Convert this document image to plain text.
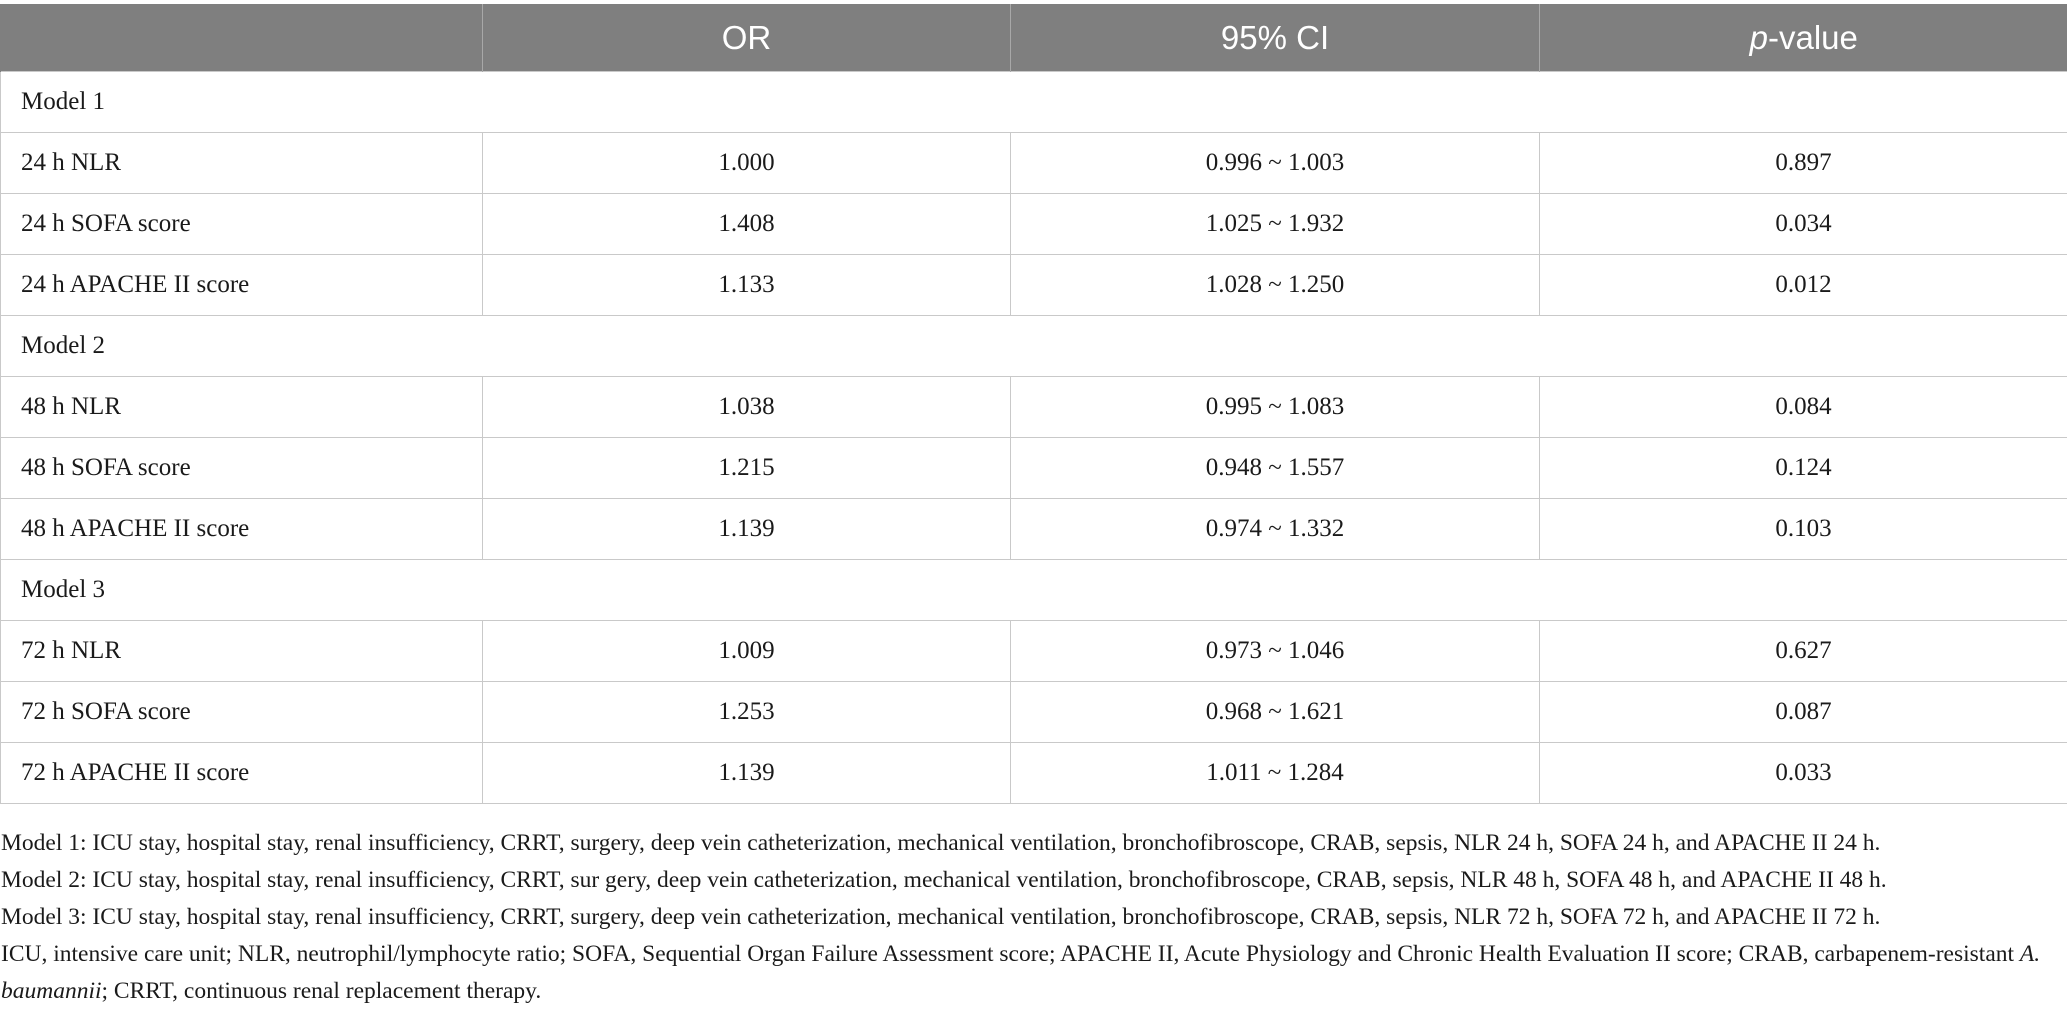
	OR	95% CI	p-value
Model 1			
24 h NLR	1.000	0.996 ~ 1.003	0.897
24 h SOFA score	1.408	1.025 ~ 1.932	0.034
24 h APACHE II score	1.133	1.028 ~ 1.250	0.012
Model 2			
48 h NLR	1.038	0.995 ~ 1.083	0.084
48 h SOFA score	1.215	0.948 ~ 1.557	0.124
48 h APACHE II score	1.139	0.974 ~ 1.332	0.103
Model 3			
72 h NLR	1.009	0.973 ~ 1.046	0.627
72 h SOFA score	1.253	0.968 ~ 1.621	0.087
72 h APACHE II score	1.139	1.011 ~ 1.284	0.033
Model 1: ICU stay, hospital stay, renal insufficiency, CRRT, surgery, deep vein catheterization, mechanical ventilation, bronchofibroscope, CRAB, sepsis, NLR 24 h, SOFA 24 h, and APACHE II 24 h.
Model 2: ICU stay, hospital stay, renal insufficiency, CRRT, sur gery, deep vein catheterization, mechanical ventilation, bronchofibroscope, CRAB, sepsis, NLR 48 h, SOFA 48 h, and APACHE II 48 h.
Model 3: ICU stay, hospital stay, renal insufficiency, CRRT, surgery, deep vein catheterization, mechanical ventilation, bronchofibroscope, CRAB, sepsis, NLR 72 h, SOFA 72 h, and APACHE II 72 h.
ICU, intensive care unit; NLR, neutrophil/lymphocyte ratio; SOFA, Sequential Organ Failure Assessment score; APACHE II, Acute Physiology and Chronic Health Evaluation II score; CRAB, carbapenem-resistant A. baumannii; CRRT, continuous renal replacement therapy.
